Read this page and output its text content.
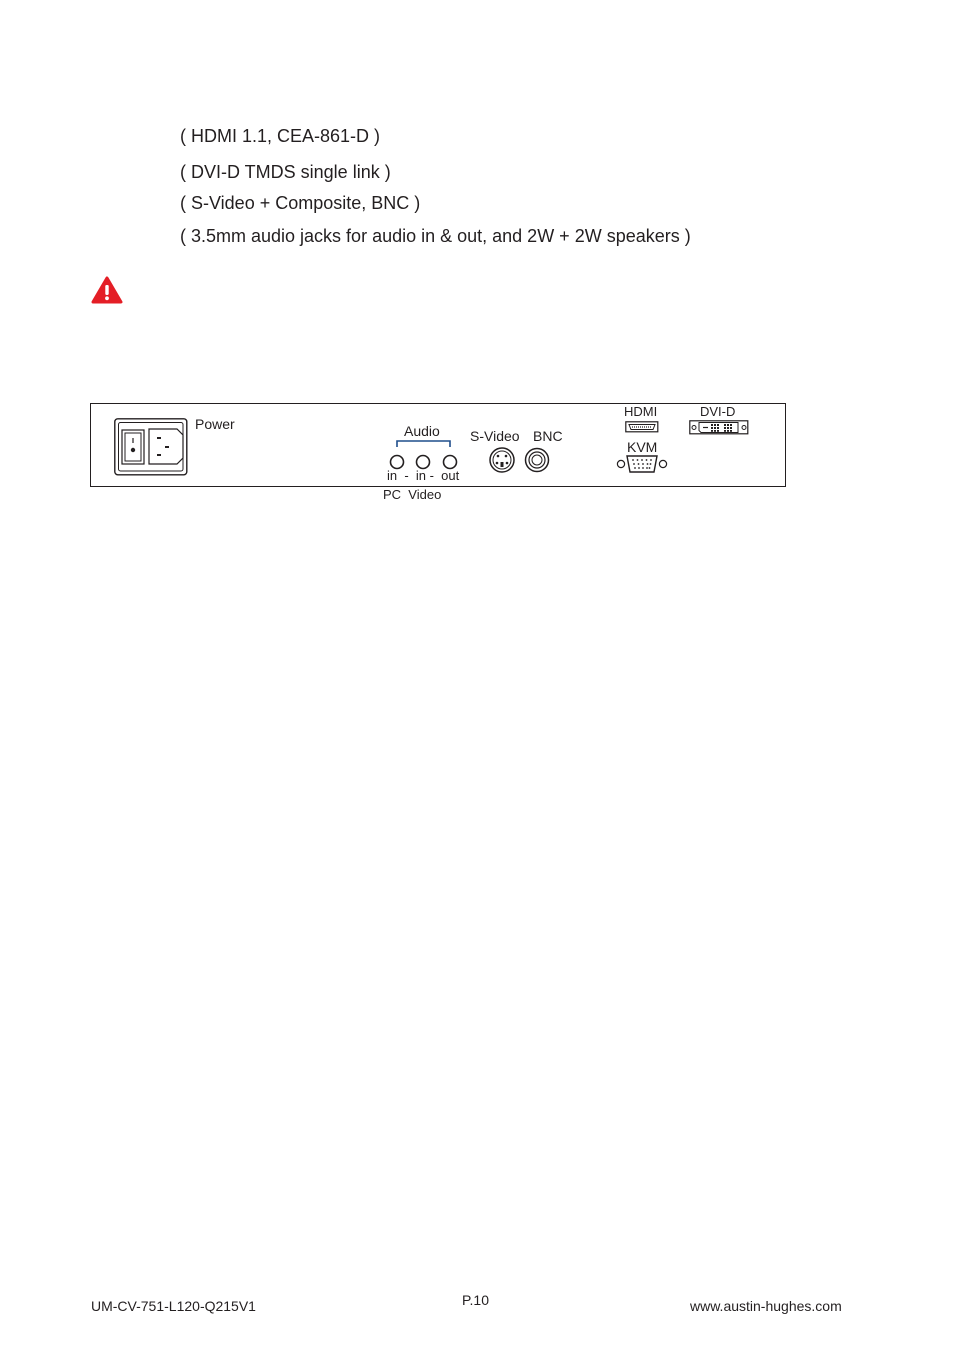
( HDMI 1.1, CEA-861-D )
( DVI-D TMDS single link )
( S-Video + Composite, BNC )
( 3.5mm audio jacks for audio in & out, and 2W + 2W speakers )
Power	Audio
in  -  in -  out
S-Video BNC
HDMI
KVM
DVI-D
PC  Video
UM-CV-751-L120-Q215V1	P.10	www.austin-hughes.com
